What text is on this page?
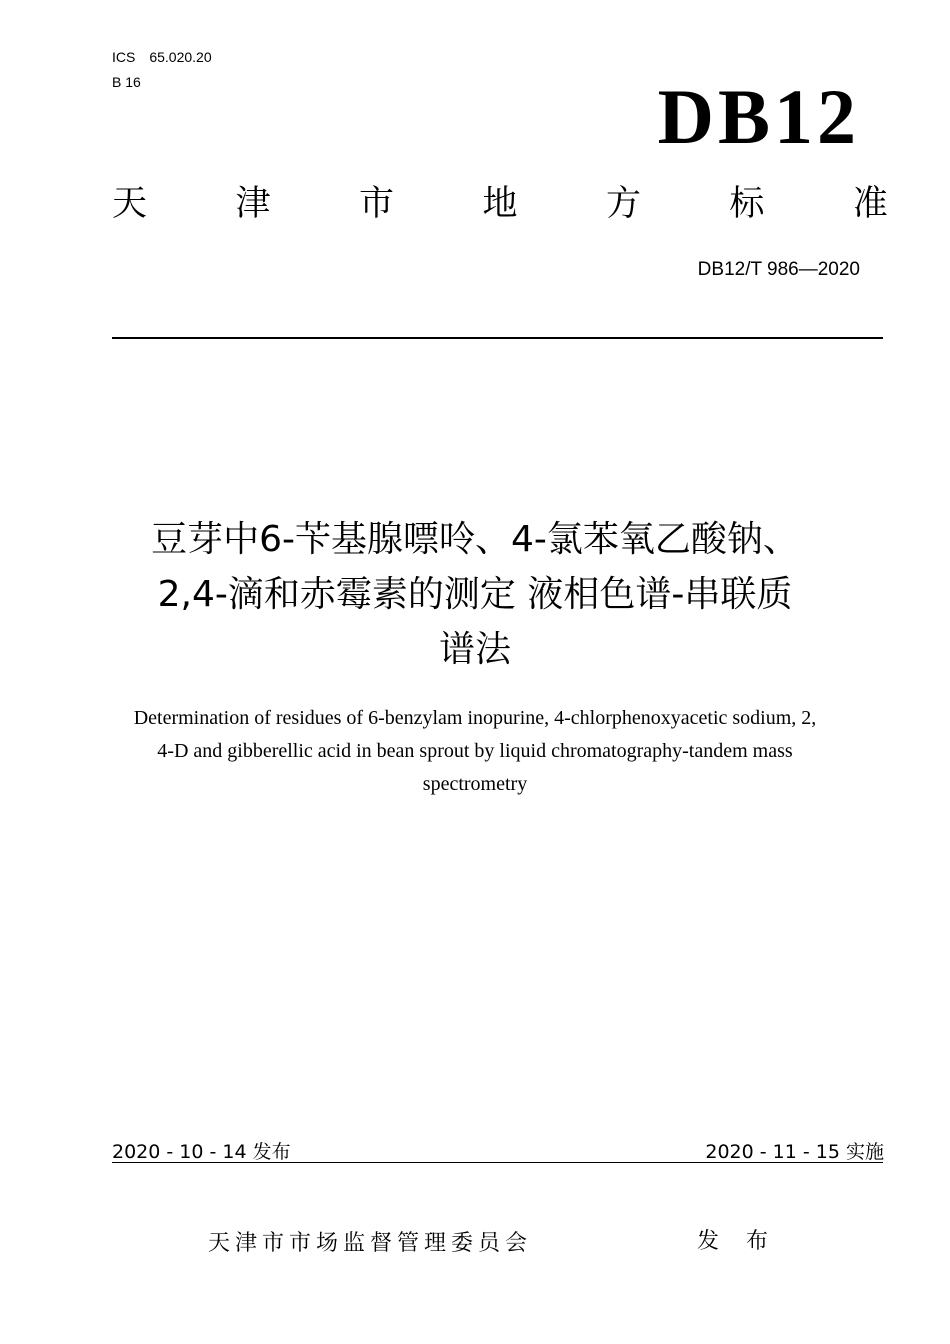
ICS 65.020.20
B 16	DB12
天	津	市	地	方	标	准
DB12/T 986—2020
豆芽中6-苄基腺嘌呤、4-氯苯氧乙酸钠、
2,4-滴和赤霉素的测定 液相色谱-串联质
谱法
Determination of residues of 6-benzylam inopurine, 4-chlorphenoxyacetic sodium, 2,
4-D and gibberellic acid in bean sprout by liquid chromatography-tandem mass
spectrometry
2020 - 10 - 14 发布	2020 - 11 - 15 实施
天津市市场监督管理委员会	发 布
